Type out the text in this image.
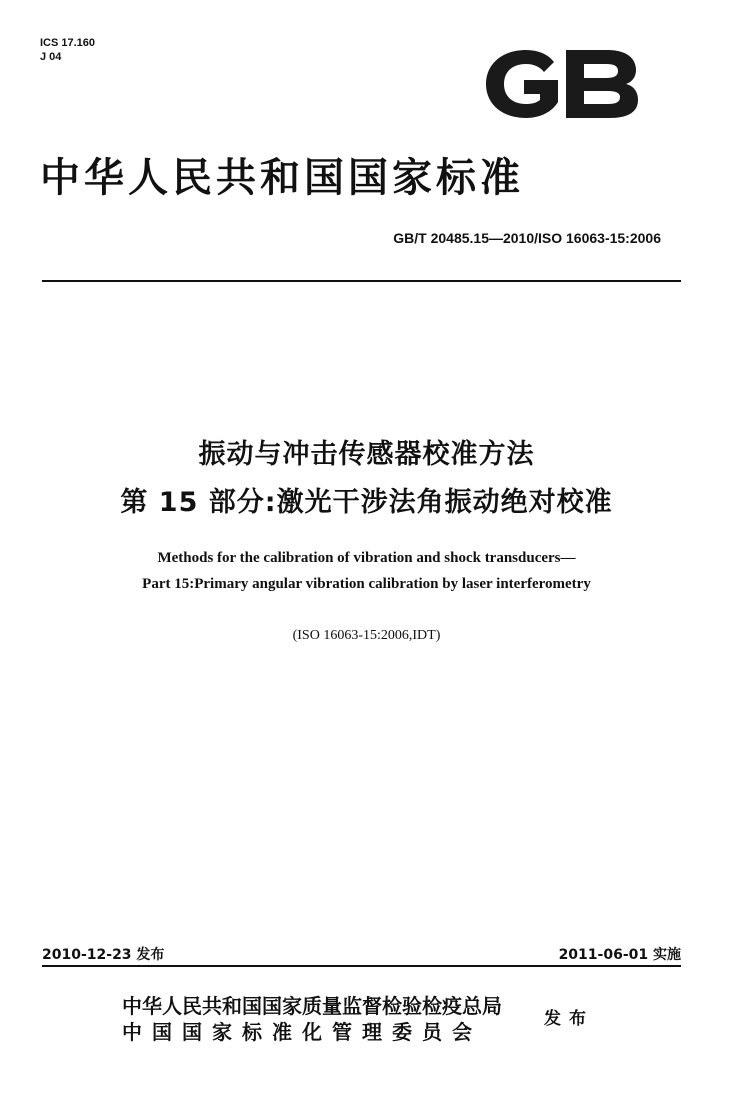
ICS 17.160
J 04
中华人民共和国国家标准
GB/T 20485.15—2010/ISO 16063-15:2006
振动与冲击传感器校准方法
第 15 部分:激光干涉法角振动绝对校准
Methods for the calibration of vibration and shock transducers—
Part 15:Primary angular vibration calibration by laser interferometry
(ISO 16063-15:2006,IDT)
2010-12-23 发布	2011-06-01 实施
中华人民共和国国家质量监督检验检疫总局
中国国家标准化管理委员会
发布
